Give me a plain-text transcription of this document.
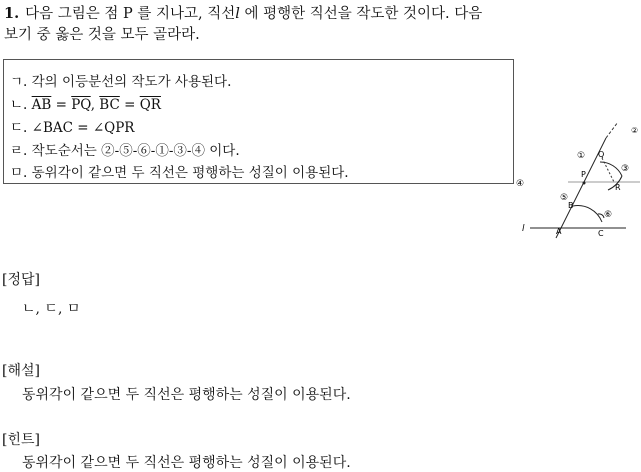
1. 다음 그림은 점 P 를 지나고, 직선l 에 평행한 직선을 작도한 것이다. 다음
보기 중 옳은 것을 모두 골라라.
ㄱ. 각의 이등분선의 작도가 사용된다.
ㄴ. $\overline{AB} = \overline{PQ}$, $\overline{BC} = \overline{QR}$
ㄷ. ∠BAC = ∠QPR
ㄹ. 작도순서는 ②-⑤-⑥-①-③-④ 이다.
ㅁ. 동위각이 같으면 두 직선은 평행하는 성질이 이용된다.
②
① Q
③
P
④	R
⑤
B
⑥
l	A	C
[정답]
ㄴ, ㄷ, ㅁ
[해설]
동위각이 같으면 두 직선은 평행하는 성질이 이용된다.
[힌트]
동위각이 같으면 두 직선은 평행하는 성질이 이용된다.
